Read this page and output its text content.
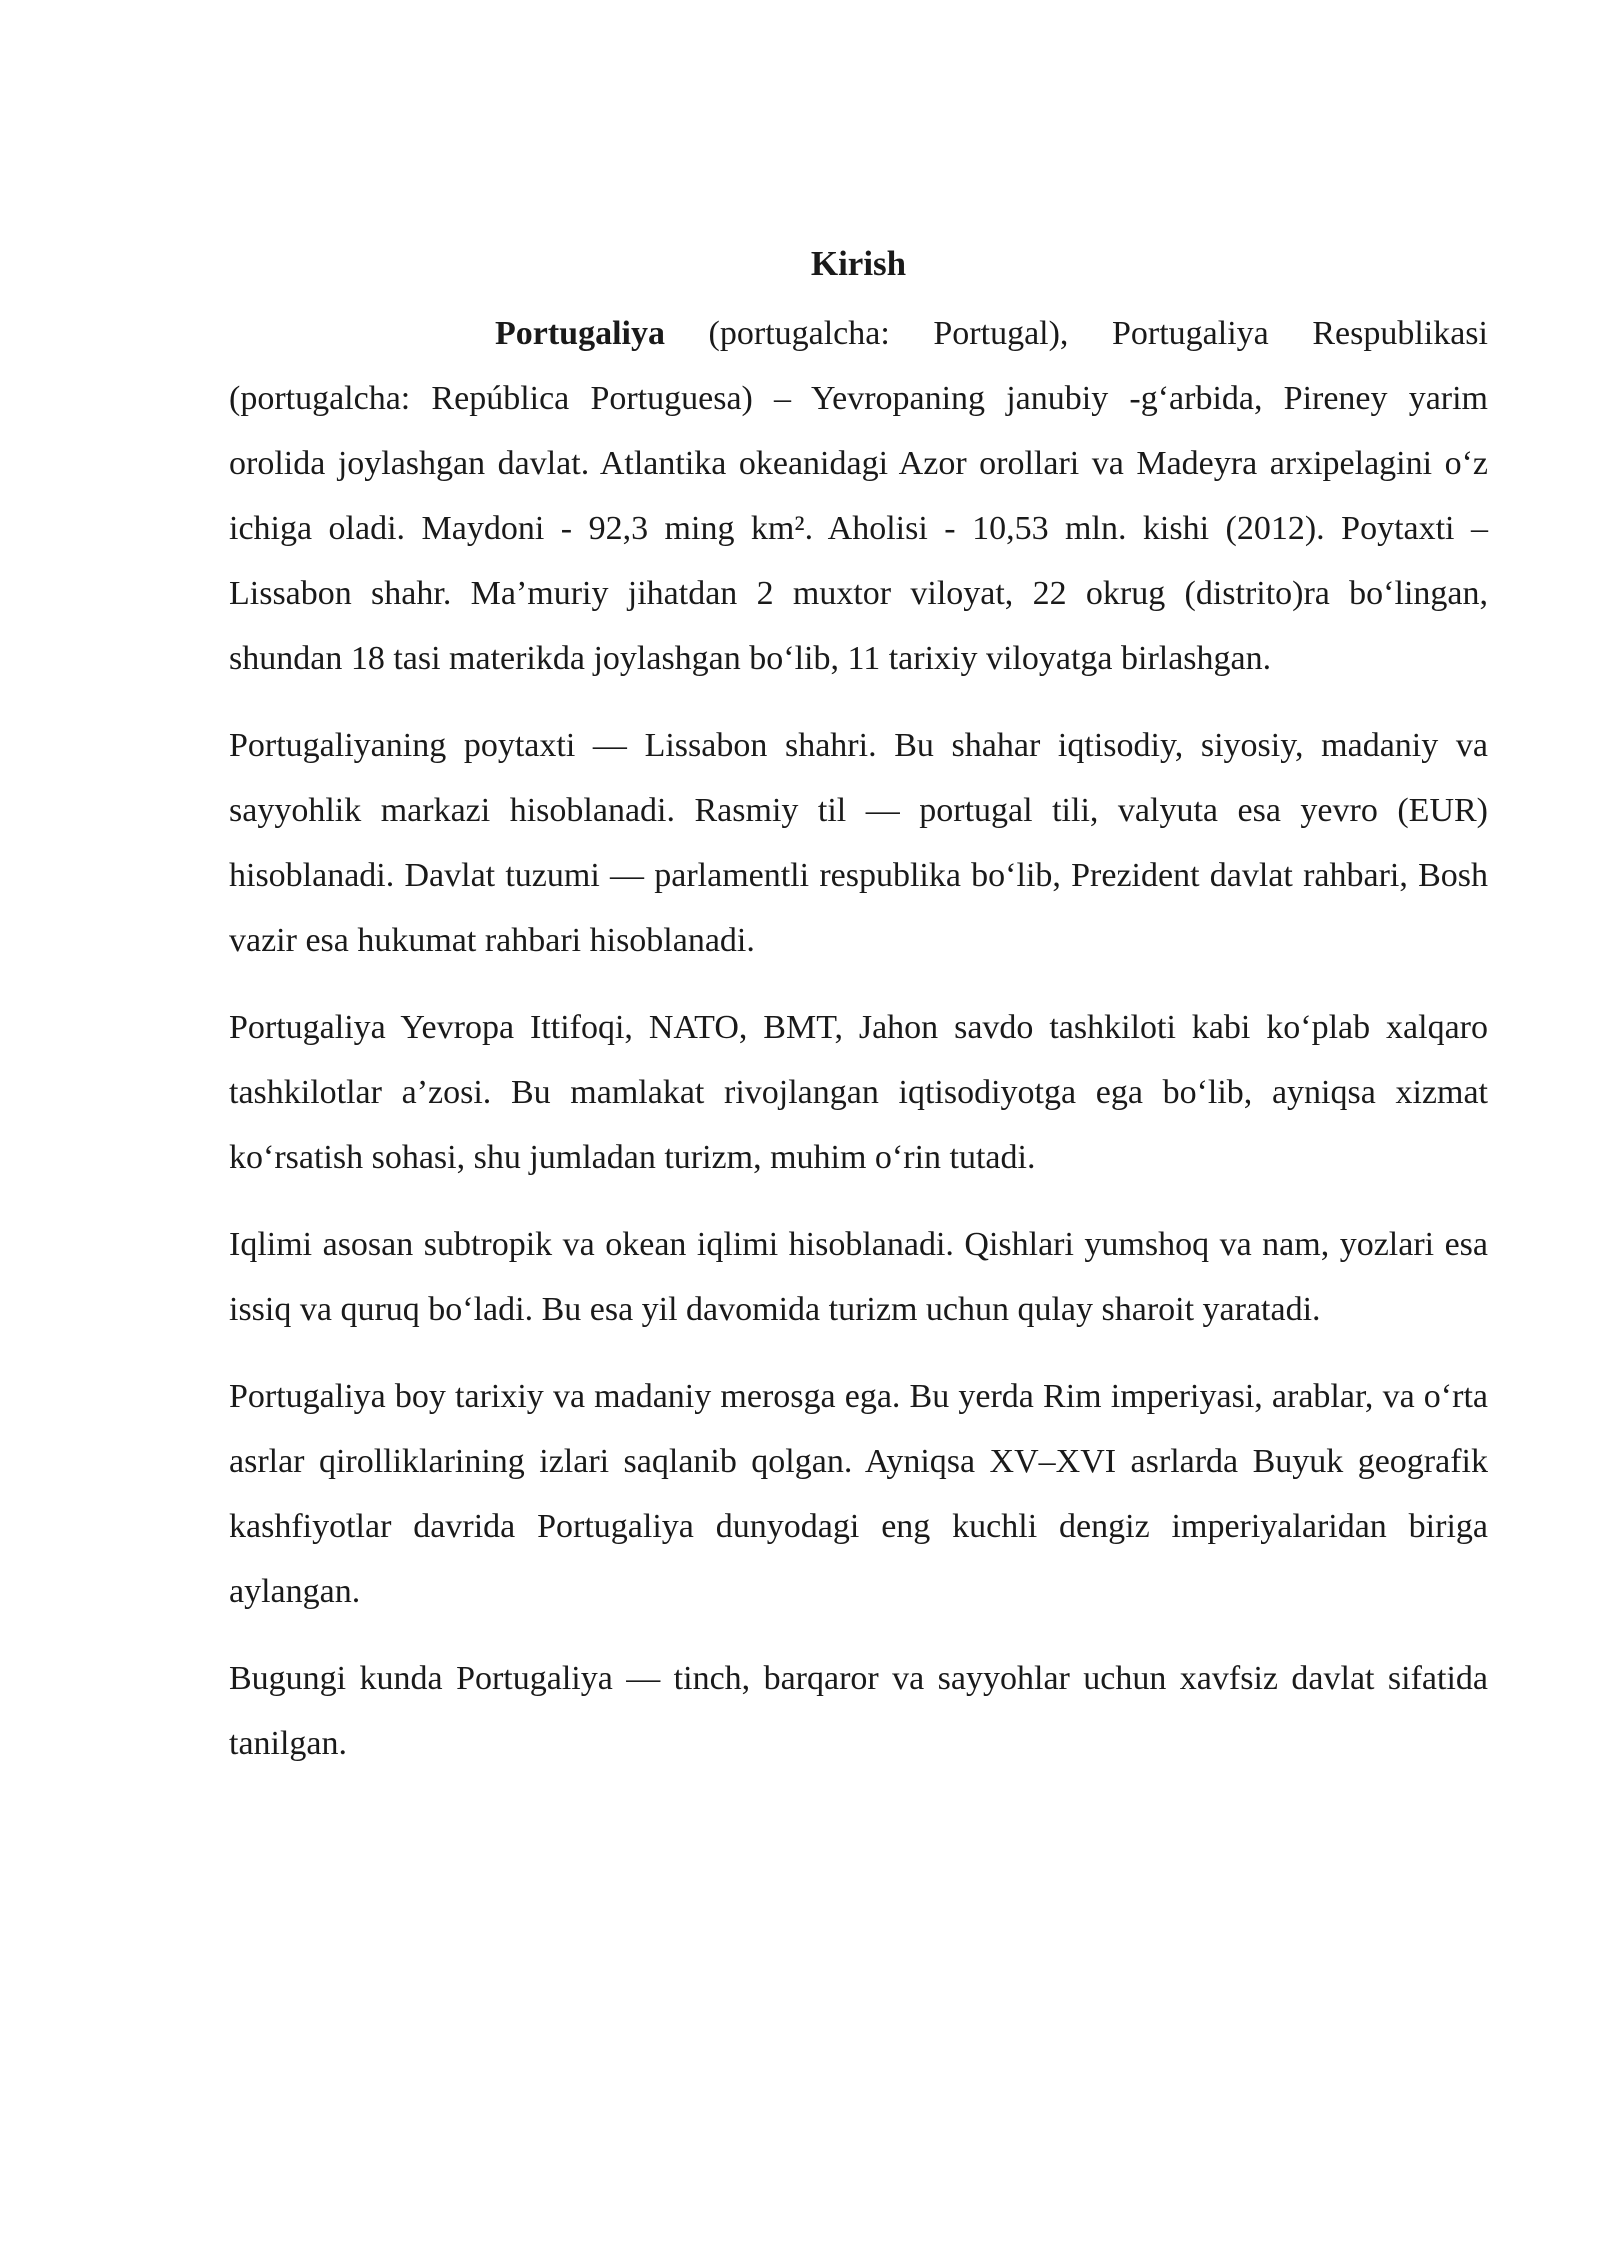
Kirish

Portugaliya (portugalcha: Portugal), Portugaliya Respublikasi (portugalcha: República Portuguesa) – Yevropaning janubiy -g‘arbida, Pireney yarim orolida joylashgan davlat. Atlantika okeanidagi Azor orollari va Madeyra arxipelagini o‘z ichiga oladi. Maydoni - 92,3 ming km². Aholisi - 10,53 mln. kishi (2012). Poytaxti – Lissabon shahr. Ma’muriy jihatdan 2 muxtor viloyat, 22 okrug (distrito)ra bo‘lingan, shundan 18 tasi materikda joylashgan bo‘lib, 11 tarixiy viloyatga birlashgan.

Portugaliyaning poytaxti — Lissabon shahri. Bu shahar iqtisodiy, siyosiy, madaniy va sayyohlik markazi hisoblanadi. Rasmiy til — portugal tili, valyuta esa yevro (EUR) hisoblanadi. Davlat tuzumi — parlamentli respublika bo‘lib, Prezident davlat rahbari, Bosh vazir esa hukumat rahbari hisoblanadi.

Portugaliya Yevropa Ittifoqi, NATO, BMT, Jahon savdo tashkiloti kabi ko‘plab xalqaro tashkilotlar a’zosi. Bu mamlakat rivojlangan iqtisodiyotga ega bo‘lib, ayniqsa xizmat ko‘rsatish sohasi, shu jumladan turizm, muhim o‘rin tutadi.

Iqlimi asosan subtropik va okean iqlimi hisoblanadi. Qishlari yumshoq va nam, yozlari esa issiq va quruq bo‘ladi. Bu esa yil davomida turizm uchun qulay sharoit yaratadi.

Portugaliya boy tarixiy va madaniy merosga ega. Bu yerda Rim imperiyasi, arablar, va o‘rta asrlar qirolliklarining izlari saqlanib qolgan. Ayniqsa XV–XVI asrlarda Buyuk geografik kashfiyotlar davrida Portugaliya dunyodagi eng kuchli dengiz imperiyalaridan biriga aylangan.

Bugungi kunda Portugaliya — tinch, barqaror va sayyohlar uchun xavfsiz davlat sifatida tanilgan.
